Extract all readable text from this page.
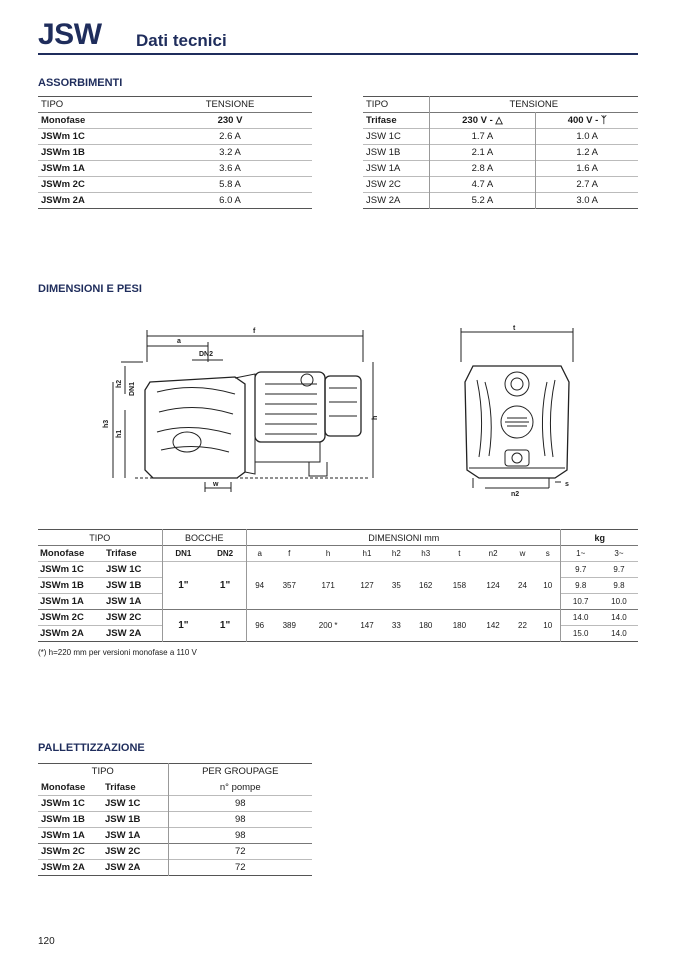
JSW Dati tecnici
ASSORBIMENTI
TIPO	TENSIONE
Monofase	230 V
JSWm 1C	2.6 A
JSWm 1B	3.2 A
JSWm 1A	3.6 A
JSWm 2C	5.8 A
JSWm 2A	6.0 A
TIPO	TENSIONE	
Trifase	230 V - △	400 V - ᛉ
JSW 1C	1.7 A	1.0 A
JSW 1B	2.1 A	1.2 A
JSW 1A	2.8 A	1.6 A
JSW 2C	4.7 A	2.7 A
JSW 2A	5.2 A	3.0 A
DIMENSIONI E PESI
f
a
DN2
h
h2 DN1
h3
h1
w
t
n2
s
TIPO		BOCCHE		DIMENSIONI mm										kg	
Monofase	Trifase	DN1	DN2	a	f	h	h1	h2	h3	t	n2	w	s	1~	3~
JSWm 1C	JSW 1C	1"	1"	94	357	171	127	35	162	158	124	24	10	9.7	9.7
JSWm 1B	JSW 1B													9.8	9.8
JSWm 1A	JSW 1A													10.7	10.0
JSWm 2C	JSW 2C	1"	1"	96	389	200 *	147	33	180	180	142	22	10	14.0	14.0
JSWm 2A	JSW 2A													15.0	14.0
(*) h=220 mm per versioni monofase a 110 V
PALLETTIZZAZIONE
TIPO		PER GROUPAGE
Monofase	Trifase	n° pompe
JSWm 1C	JSW 1C	98
JSWm 1B	JSW 1B	98
JSWm 1A	JSW 1A	98
JSWm 2C	JSW 2C	72
JSWm 2A	JSW 2A	72
120
